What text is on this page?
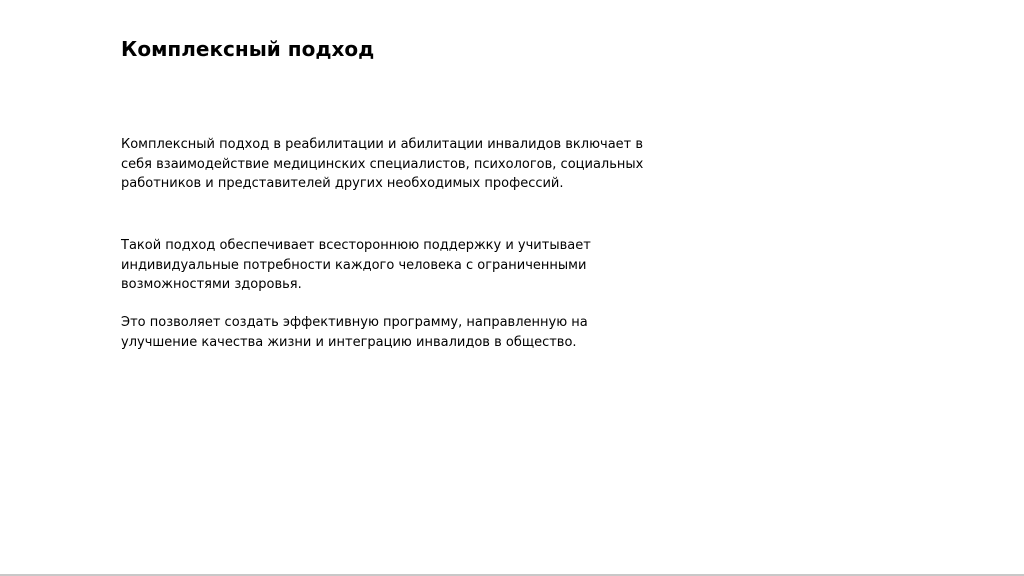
Комплексный подход

Комплексный подход в реабилитации и абилитации инвалидов включает в
себя взаимодействие медицинских специалистов, психологов, социальных
работников и представителей других необходимых профессий.

Такой подход обеспечивает всестороннюю поддержку и учитывает
индивидуальные потребности каждого человека с ограниченными
возможностями здоровья.

Это позволяет создать эффективную программу, направленную на
улучшение качества жизни и интеграцию инвалидов в общество.
